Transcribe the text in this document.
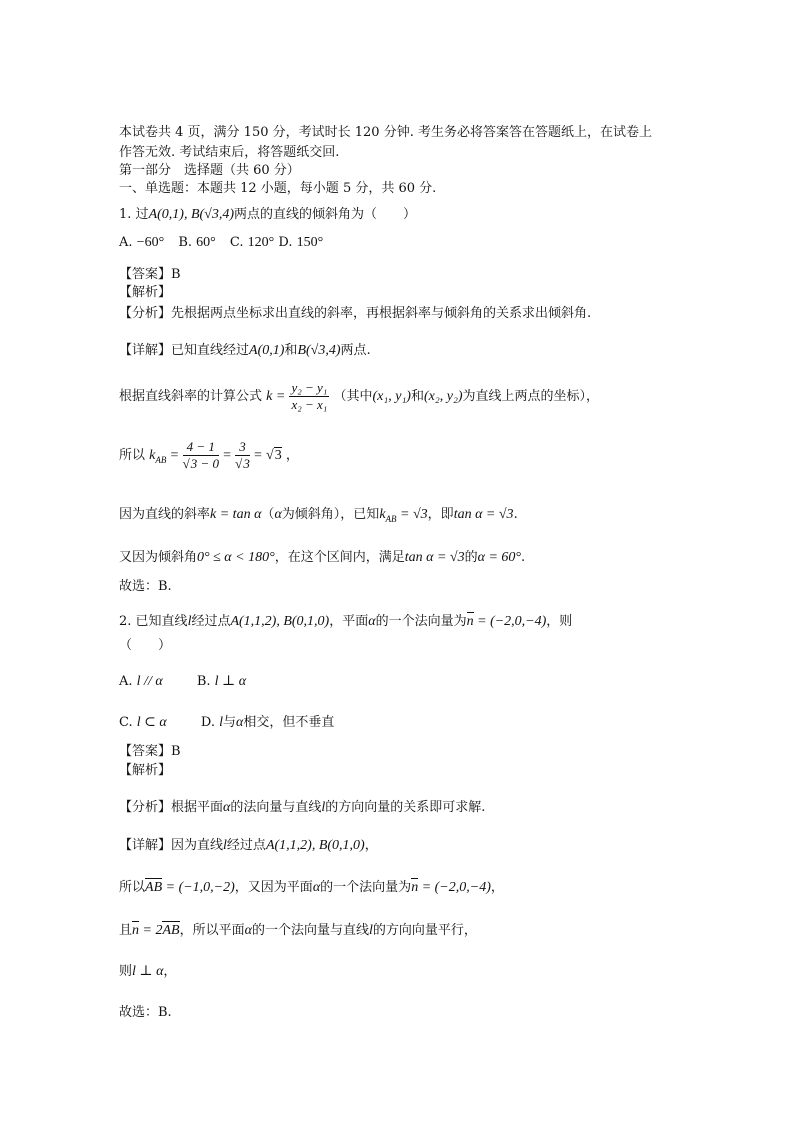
本试卷共 4 页，满分 150 分，考试时长 120 分钟. 考生务必将答案答在答题纸上，在试卷上
作答无效. 考试结束后，将答题纸交回.
第一部分　选择题（共 60 分）
一、单选题：本题共 12 小题，每小题 5 分，共 60 分.
1. 过A(0,1), B(√3,4)两点的直线的倾斜角为（　　）
A. −60° B. 60° C. 120° D. 150°
【答案】B
【解析】
【分析】先根据两点坐标求出直线的斜率，再根据斜率与倾斜角的关系求出倾斜角.
【详解】已知直线经过A(0,1)和B(√3,4)两点.
根据直线斜率的计算公式 $k = \frac{\text{y₂ − y₁}}{\text{x₂ − x₁}}$ （其中(x₁, y₁)和(x₂, y₂)为直线上两点的坐标），
所以 $k_{AB} = \frac{4 - 1}{√3 - 0} = \frac{3}{√3} = √3$ ，
因为直线的斜率k = tan α（α为倾斜角），已知$k_{AB} = √3$，即tan α = √3.
又因为倾斜角0° ≤ α < 180°，在这个区间内，满足tan α = √3的α = 60°.
故选：B.
2. 已知直线l经过点A(1,1,2), B(0,1,0)，平面α的一个法向量为n = (−2,0,−4)，则
（　　）
A. l // α	B. l ⊥ α
C. l ⊂ α	D. l与α相交，但不垂直
【答案】B
【解析】
【分析】根据平面α的法向量与直线l的方向向量的关系即可求解.
【详解】因为直线l经过点A(1,1,2), B(0,1,0)，
所以AB = (−1,0,−2)，又因为平面α的一个法向量为n = (−2,0,−4)，
且n = 2AB，所以平面α的一个法向量与直线l的方向向量平行，
则l ⊥ α，
故选：B.
